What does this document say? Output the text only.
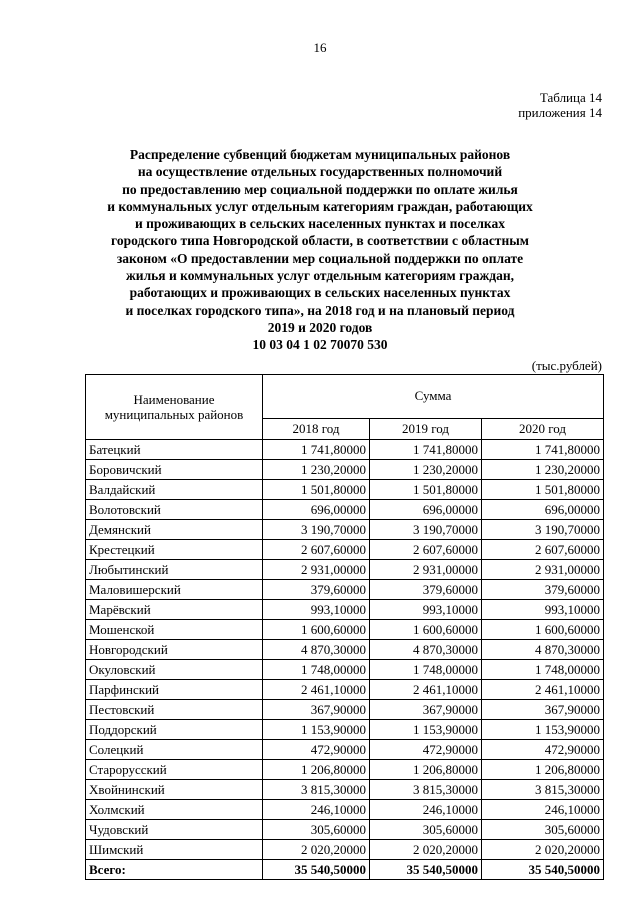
16
Таблица 14
приложения 14
Распределение субвенций бюджетам муниципальных районов
на осуществление отдельных государственных полномочий
по предоставлению мер социальной поддержки по оплате жилья
и коммунальных услуг отдельным категориям граждан, работающих
и проживающих в сельских населенных пунктах и поселках
городского типа Новгородской области, в соответствии с областным
законом «О предоставлении мер социальной поддержки по оплате
жилья и коммунальных услуг отдельным категориям граждан,
работающих и проживающих в сельских населенных пунктах
и поселках городского типа», на 2018 год и на плановый период
2019 и 2020 годов
10 03 04 1 02 70070 530
(тыс.рублей)
Наименование муниципальных районов	Сумма		
	2018 год	2019 год	2020 год
Батецкий	1 741,80000	1 741,80000	1 741,80000
Боровичский	1 230,20000	1 230,20000	1 230,20000
Валдайский	1 501,80000	1 501,80000	1 501,80000
Волотовский	696,00000	696,00000	696,00000
Демянский	3 190,70000	3 190,70000	3 190,70000
Крестецкий	2 607,60000	2 607,60000	2 607,60000
Любытинский	2 931,00000	2 931,00000	2 931,00000
Маловишерский	379,60000	379,60000	379,60000
Марёвский	993,10000	993,10000	993,10000
Мошенской	1 600,60000	1 600,60000	1 600,60000
Новгородский	4 870,30000	4 870,30000	4 870,30000
Окуловский	1 748,00000	1 748,00000	1 748,00000
Парфинский	2 461,10000	2 461,10000	2 461,10000
Пестовский	367,90000	367,90000	367,90000
Поддорский	1 153,90000	1 153,90000	1 153,90000
Солецкий	472,90000	472,90000	472,90000
Старорусский	1 206,80000	1 206,80000	1 206,80000
Хвойнинский	3 815,30000	3 815,30000	3 815,30000
Холмский	246,10000	246,10000	246,10000
Чудовский	305,60000	305,60000	305,60000
Шимский	2 020,20000	2 020,20000	2 020,20000
Всего:	35 540,50000	35 540,50000	35 540,50000
